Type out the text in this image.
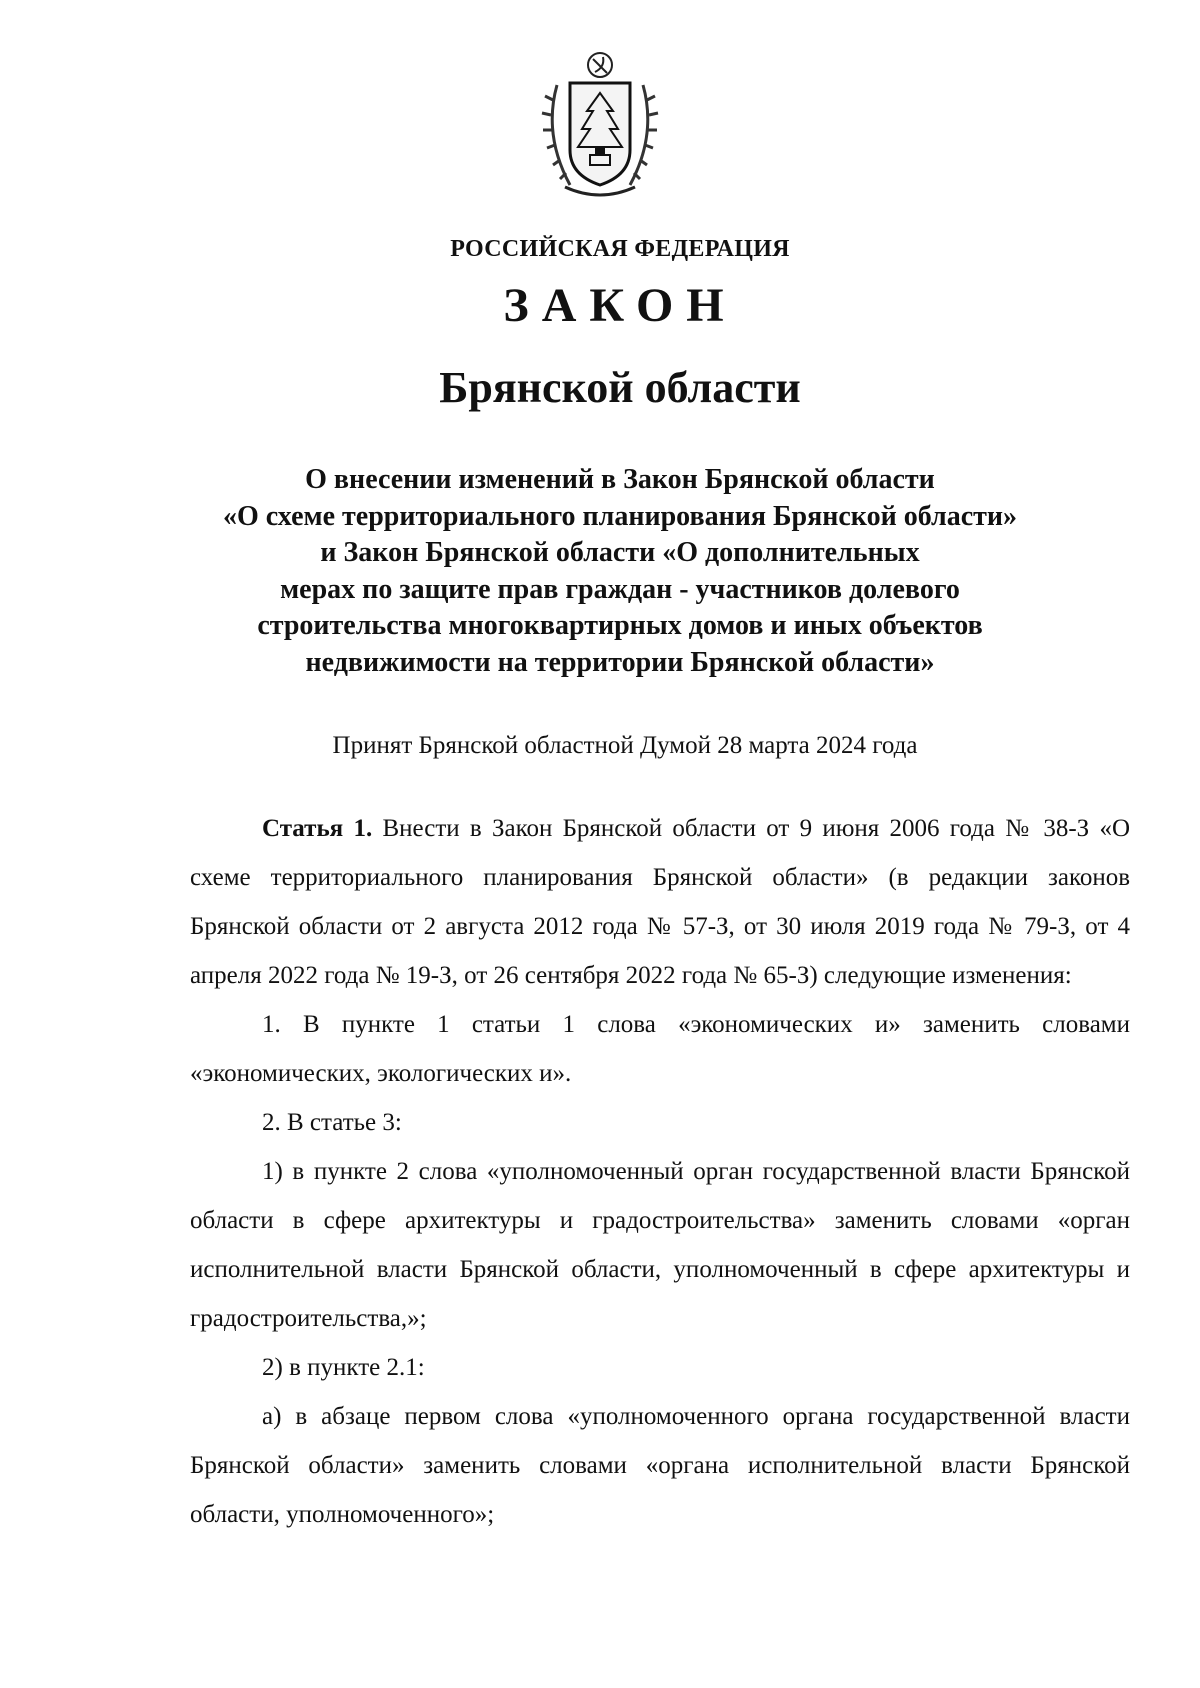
РОССИЙСКАЯ ФЕДЕРАЦИЯ
ЗАКОН
Брянской области
О внесении изменений в Закон Брянской области
«О схеме территориального планирования Брянской области»
и Закон Брянской области «О дополнительных
мерах по защите прав граждан - участников долевого
строительства многоквартирных домов и иных объектов
недвижимости на территории Брянской области»
Принят Брянской областной Думой 28 марта 2024 года

Статья 1. Внести в Закон Брянской области от 9 июня 2006 года № 38-З «О схеме территориального планирования Брянской области» (в редакции законов Брянской области от 2 августа 2012 года № 57-З, от 30 июля 2019 года № 79-З, от 4 апреля 2022 года № 19-З, от 26 сентября 2022 года № 65-З) следующие изменения:

1. В пункте 1 статьи 1 слова «экономических и» заменить словами «экономических, экологических и».

2. В статье 3:

1) в пункте 2 слова «уполномоченный орган государственной власти Брянской области в сфере архитектуры и градостроительства» заменить словами «орган исполнительной власти Брянской области, уполномоченный в сфере архитектуры и градостроительства,»;

2) в пункте 2.1:

а) в абзаце первом слова «уполномоченного органа государственной власти Брянской области» заменить словами «органа исполнительной власти Брянской области, уполномоченного»;
